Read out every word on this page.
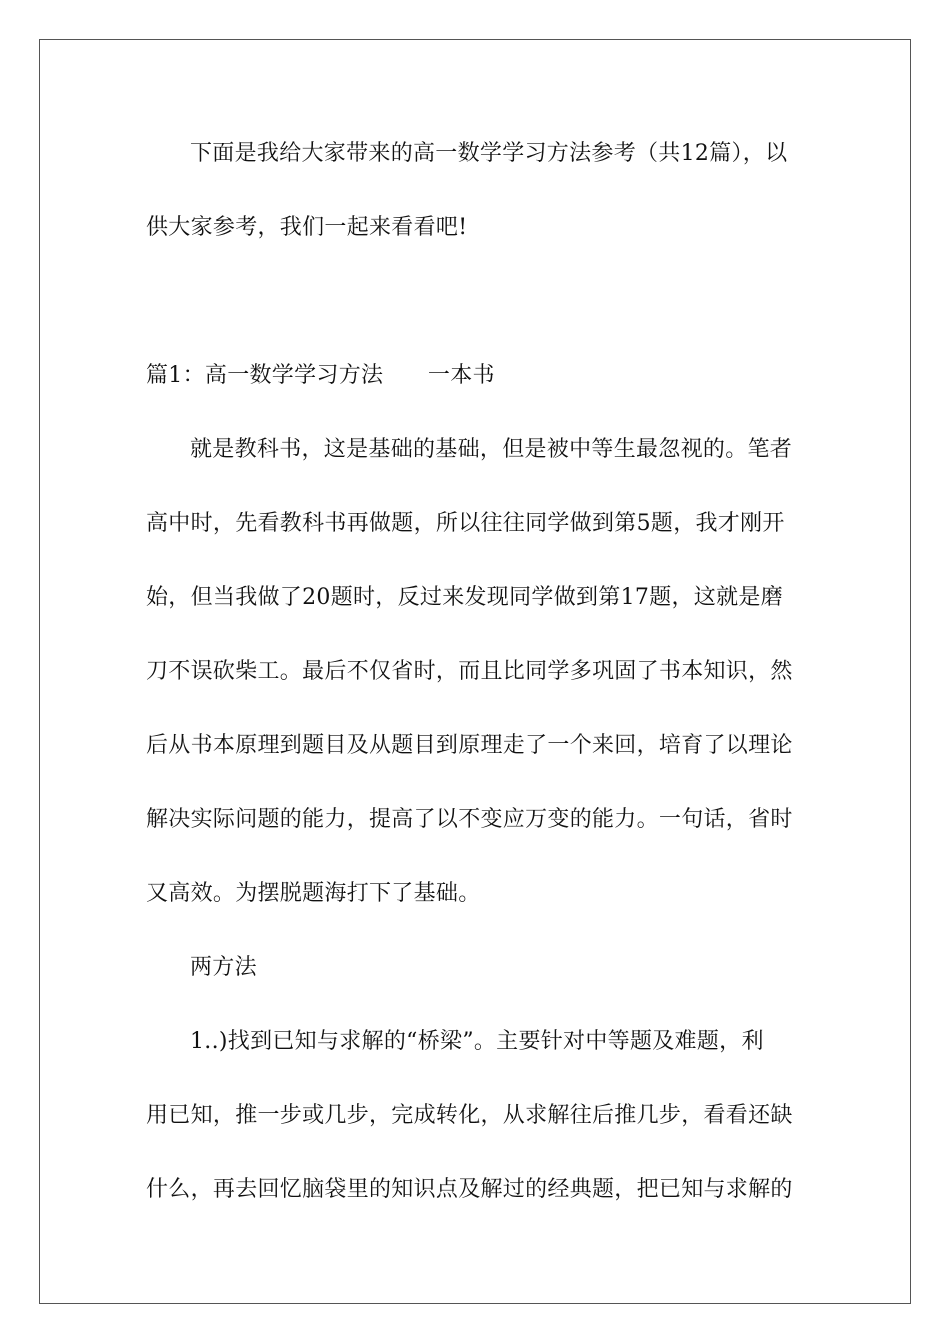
下面是我给大家带来的高一数学学习方法参考（共12篇），以
供大家参考，我们一起来看看吧!
篇1：高一数学学习方法　　一本书
就是教科书，这是基础的基础，但是被中等生最忽视的。笔者
高中时，先看教科书再做题，所以往往同学做到第5题，我才刚开
始，但当我做了20题时，反过来发现同学做到第17题，这就是磨
刀不误砍柴工。最后不仅省时，而且比同学多巩固了书本知识，然
后从书本原理到题目及从题目到原理走了一个来回，培育了以理论
解决实际问题的能力，提高了以不变应万变的能力。一句话，省时
又高效。为摆脱题海打下了基础。
两方法
1..)找到已知与求解的“桥梁”。主要针对中等题及难题，利
用已知，推一步或几步，完成转化，从求解往后推几步，看看还缺
什么，再去回忆脑袋里的知识点及解过的经典题，把已知与求解的
